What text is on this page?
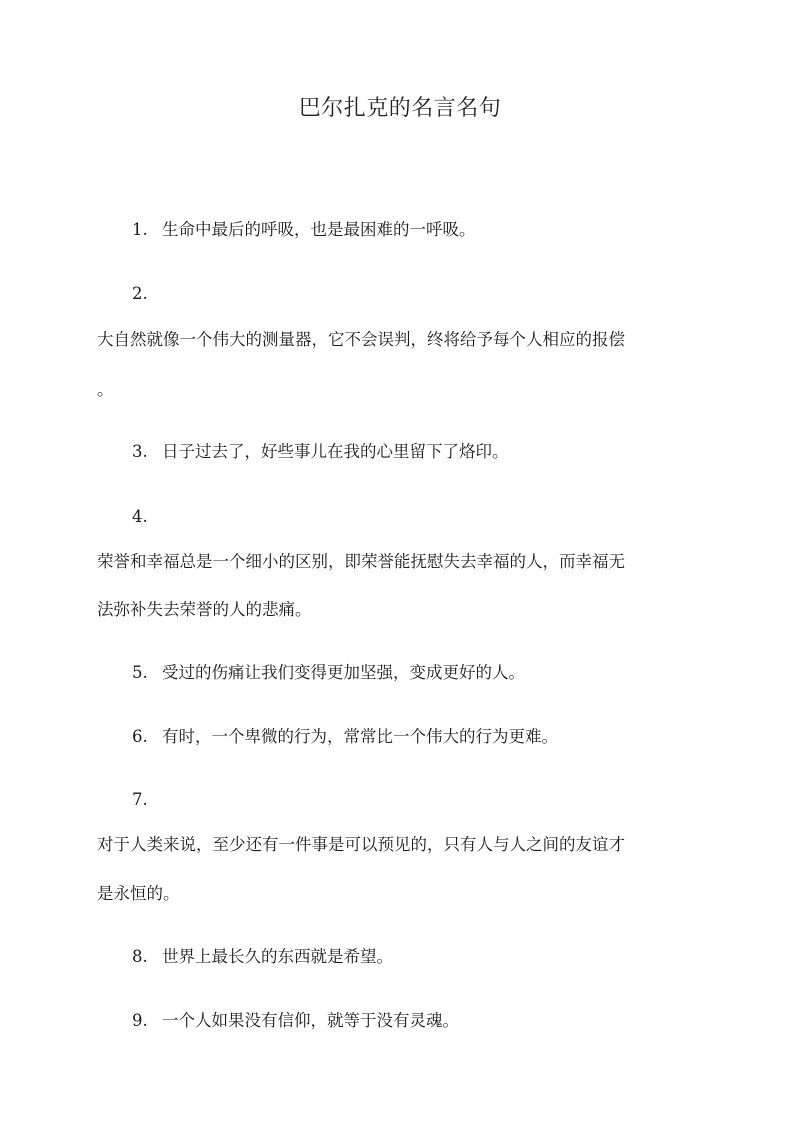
巴尔扎克的名言名句
1. 生命中最后的呼吸，也是最困难的一呼吸。
2.
大自然就像一个伟大的测量器，它不会误判，终将给予每个人相应的报偿
。
3. 日子过去了，好些事儿在我的心里留下了烙印。
4.
荣誉和幸福总是一个细小的区别，即荣誉能抚慰失去幸福的人，而幸福无
法弥补失去荣誉的人的悲痛。
5. 受过的伤痛让我们变得更加坚强，变成更好的人。
6. 有时，一个卑微的行为，常常比一个伟大的行为更难。
7.
对于人类来说，至少还有一件事是可以预见的，只有人与人之间的友谊才
是永恒的。
8. 世界上最长久的东西就是希望。
9. 一个人如果没有信仰，就等于没有灵魂。
